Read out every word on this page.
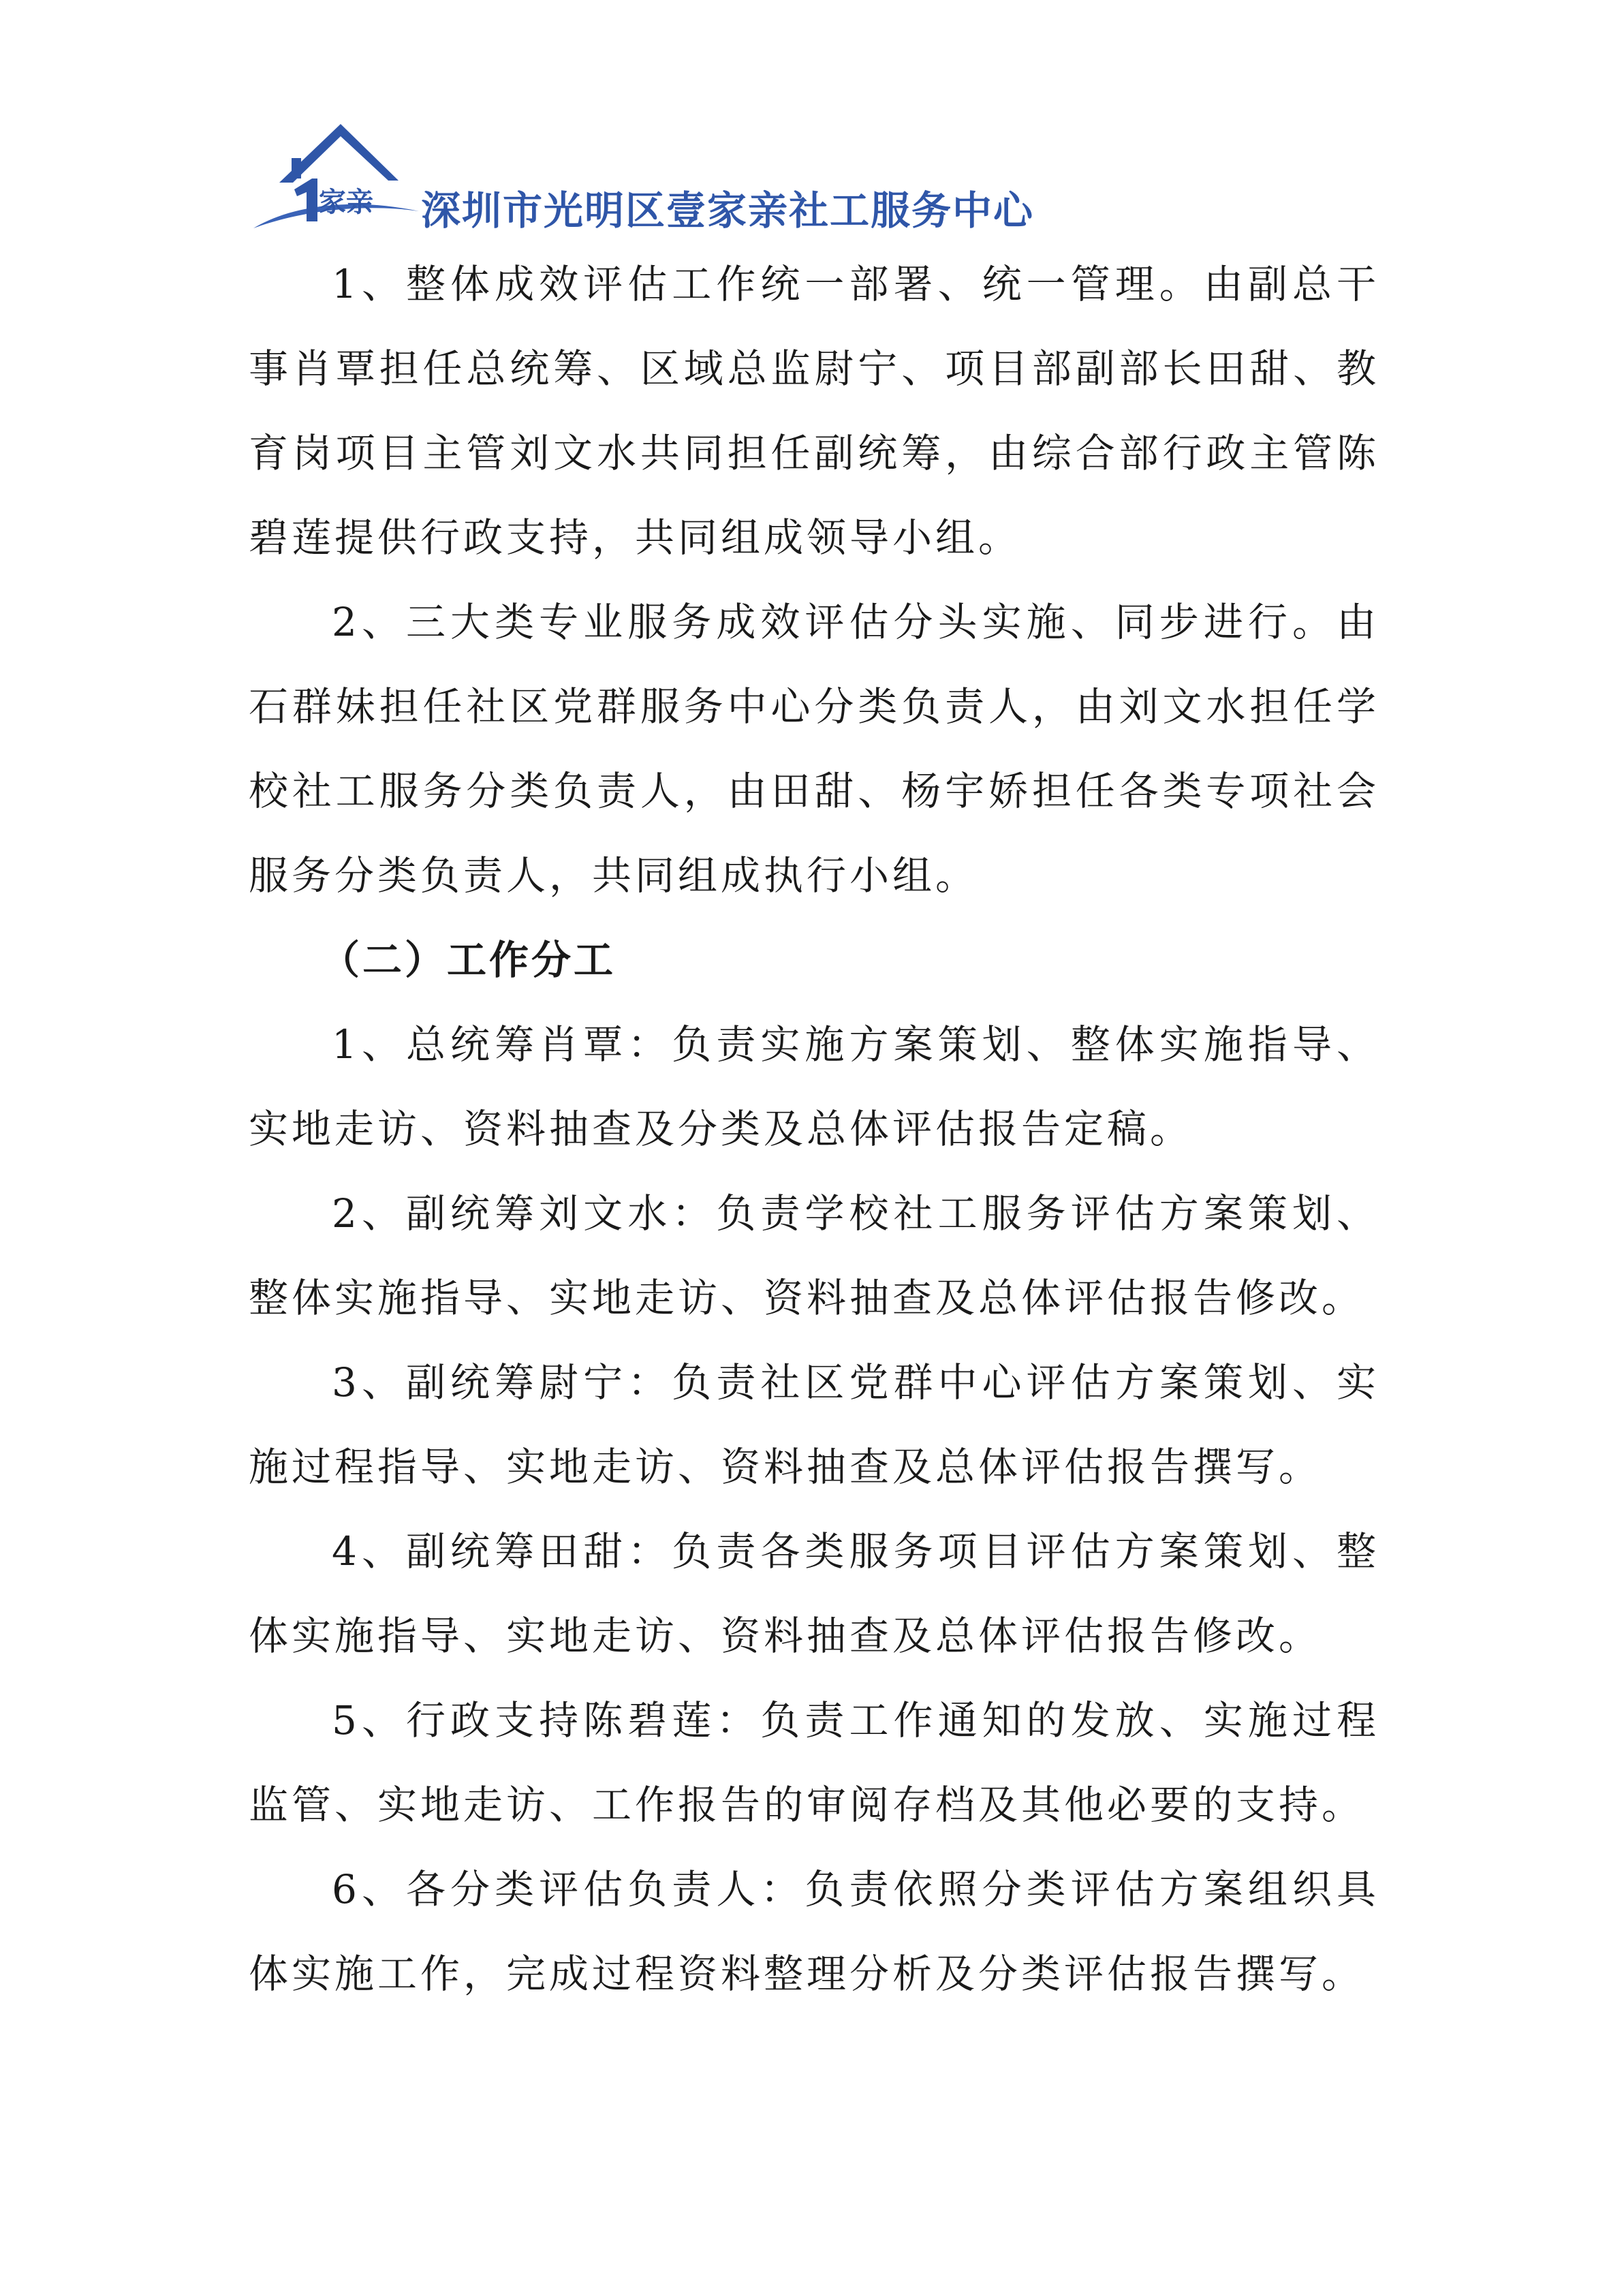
家亲 深圳市光明区壹家亲社工服务中心

1、整体成效评估工作统一部署、统一管理。由副总干事肖覃担任总统筹、区域总监尉宁、项目部副部长田甜、教育岗项目主管刘文水共同担任副统筹，由综合部行政主管陈碧莲提供行政支持，共同组成领导小组。

2、三大类专业服务成效评估分头实施、同步进行。由石群妹担任社区党群服务中心分类负责人，由刘文水担任学校社工服务分类负责人，由田甜、杨宇娇担任各类专项社会服务分类负责人，共同组成执行小组。

（二）工作分工

1、总统筹肖覃：负责实施方案策划、整体实施指导、实地走访、资料抽查及分类及总体评估报告定稿。

2、副统筹刘文水：负责学校社工服务评估方案策划、整体实施指导、实地走访、资料抽查及总体评估报告修改。

3、副统筹尉宁：负责社区党群中心评估方案策划、实施过程指导、实地走访、资料抽查及总体评估报告撰写。

4、副统筹田甜：负责各类服务项目评估方案策划、整体实施指导、实地走访、资料抽查及总体评估报告修改。

5、行政支持陈碧莲：负责工作通知的发放、实施过程监管、实地走访、工作报告的审阅存档及其他必要的支持。

6、各分类评估负责人：负责依照分类评估方案组织具体实施工作，完成过程资料整理分析及分类评估报告撰写。
